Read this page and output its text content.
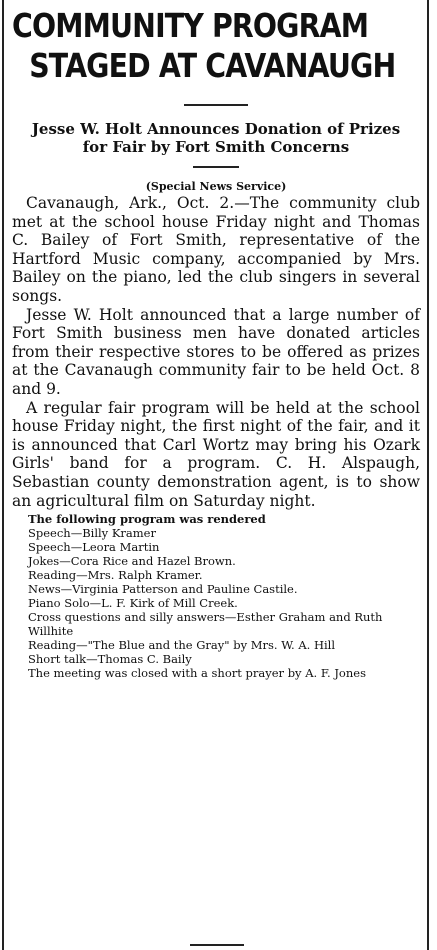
COMMUNITY PROGRAM
STAGED AT CAVANAUGH
Jesse W. Holt Announces Donation of Prizes for Fair by Fort Smith Concerns
(Special News Service)

Cavanaugh, Ark., Oct. 2.—The community club met at the school house Friday night and Thomas C. Bailey of Fort Smith, representative of the Hartford Music company, accompanied by Mrs. Bailey on the piano, led the club singers in several songs.

Jesse W. Holt announced that a large number of Fort Smith business men have donated articles from their respective stores to be offered as prizes at the Cavanaugh community fair to be held Oct. 8 and 9.

A regular fair program will be held at the school house Friday night, the first night of the fair, and it is announced that Carl Wortz may bring his Ozark Girls' band for a program. C. H. Alspaugh, Sebastian county demonstration agent, is to show an agricultural film on Saturday night.

The following program was rendered
Speech—Billy Kramer
Speech—Leora Martin
Jokes—Cora Rice and Hazel Brown.
Reading—Mrs. Ralph Kramer.
News—Virginia Patterson and Pauline Castile.
Piano Solo—L. F. Kirk of Mill Creek.
Cross questions and silly answers—Esther Graham and Ruth Willhite
Reading—"The Blue and the Gray" by Mrs. W. A. Hill
Short talk—Thomas C. Baily
The meeting was closed with a short prayer by A. F. Jones
